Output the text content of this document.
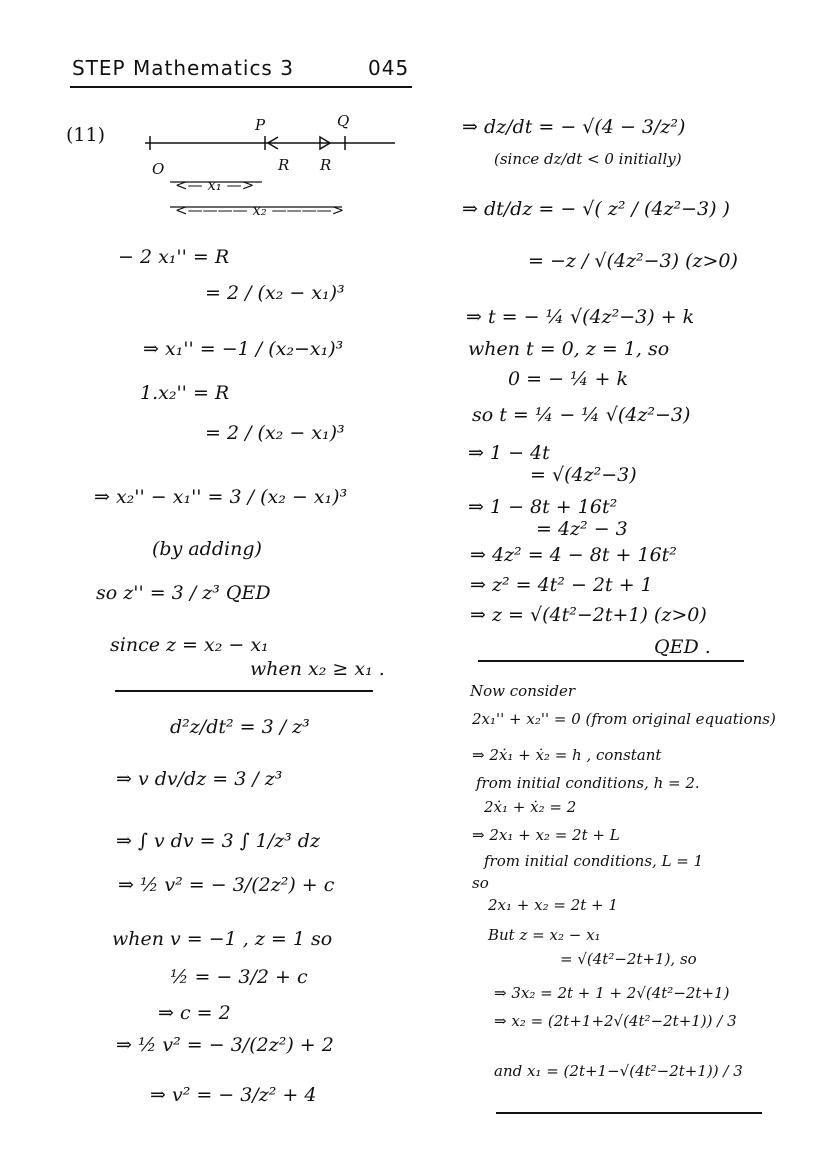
STEP Mathematics 3	045
(11)	P	Q
O	R R
<— x₁ —>
<———— x₂ ————>
− 2 x₁'' = R
= 2 / (x₂ − x₁)³
⇒ x₁'' = −1 / (x₂−x₁)³
1.x₂'' = R
= 2 / (x₂ − x₁)³
⇒ x₂'' − x₁'' = 3 / (x₂ − x₁)³
(by adding)
so z'' = 3 / z³ QED
since z = x₂ − x₁
when x₂ ≥ x₁ .
d²z/dt² = 3 / z³
⇒ v dv/dz = 3 / z³
⇒ ∫ v dv = 3 ∫ 1/z³ dz
⇒ ½ v² = − 3/(2z²) + c
when v = −1 , z = 1 so
½ = − 3/2 + c
⇒ c = 2
⇒ ½ v² = − 3/(2z²) + 2
⇒ v² = − 3/z² + 4
⇒ dz/dt = − √(4 − 3/z²)
(since dz/dt < 0 initially)
⇒ dt/dz = − √( z² / (4z²−3) )
= −z / √(4z²−3) (z>0)
⇒ t = − ¼ √(4z²−3) + k
when t = 0, z = 1, so
0 = − ¼ + k
so t = ¼ − ¼ √(4z²−3)
⇒ 1 − 4t
= √(4z²−3)
⇒ 1 − 8t + 16t²
= 4z² − 3
⇒ 4z² = 4 − 8t + 16t²
⇒ z² = 4t² − 2t + 1
⇒ z = √(4t²−2t+1) (z>0)
QED .
Now consider
2x₁'' + x₂'' = 0 (from original equations)
⇒ 2ẋ₁ + ẋ₂ = h , constant
from initial conditions, h = 2.
2ẋ₁ + ẋ₂ = 2
⇒ 2x₁ + x₂ = 2t + L
from initial conditions, L = 1
so
2x₁ + x₂ = 2t + 1
But z = x₂ − x₁
= √(4t²−2t+1), so
⇒ 3x₂ = 2t + 1 + 2√(4t²−2t+1)
⇒ x₂ = (2t+1+2√(4t²−2t+1)) / 3
and x₁ = (2t+1−√(4t²−2t+1)) / 3
